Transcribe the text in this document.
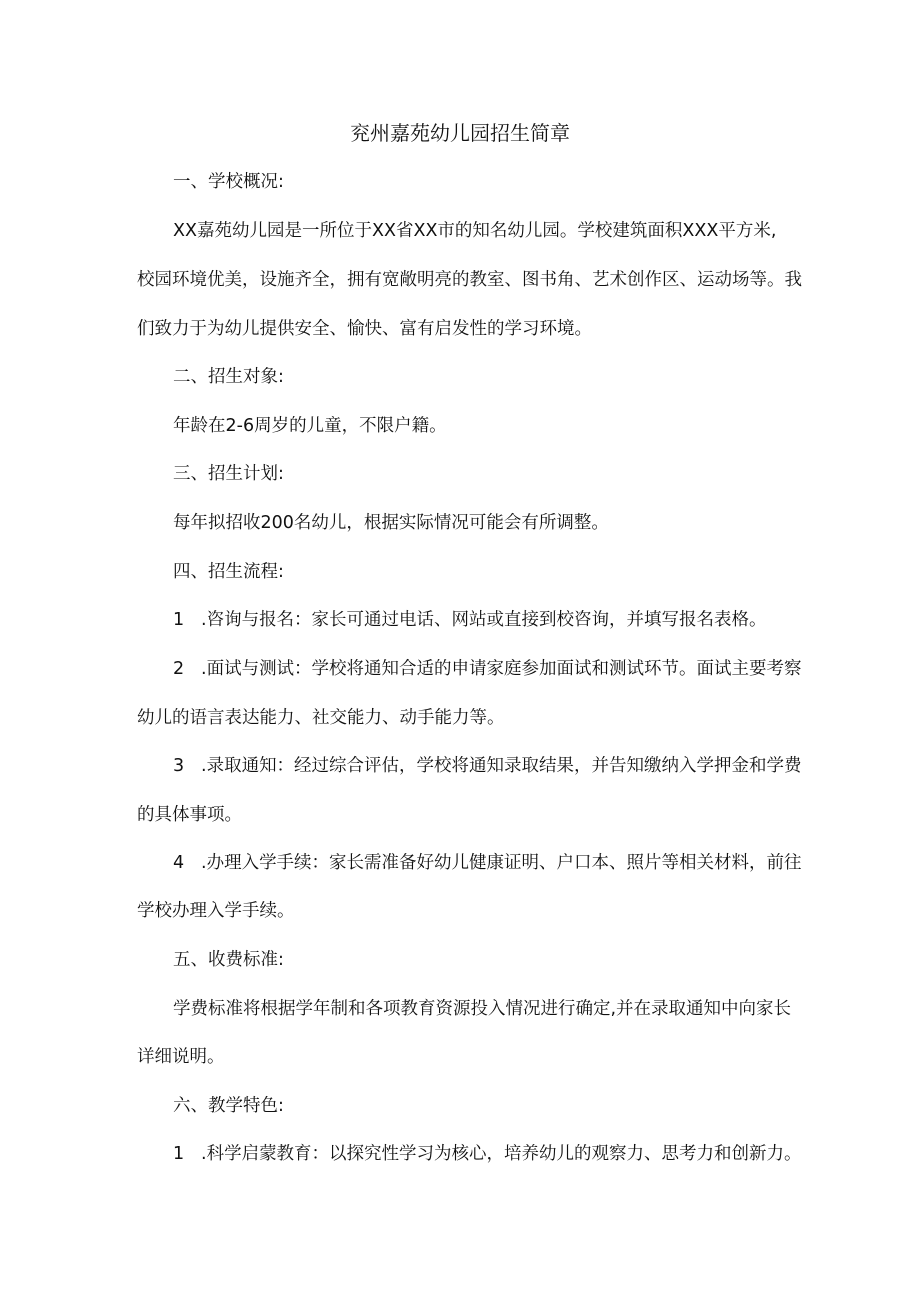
兖州嘉苑幼儿园招生简章
一、学校概况:
XX嘉苑幼儿园是一所位于XX省XX市的知名幼儿园。学校建筑面积XXX平方米,
校园环境优美，设施齐全，拥有宽敞明亮的教室、图书角、艺术创作区、运动场等。我
们致力于为幼儿提供安全、愉快、富有启发性的学习环境。
二、招生对象:
年龄在2-6周岁的儿童，不限户籍。
三、招生计划:
每年拟招收200名幼儿，根据实际情况可能会有所调整。
四、招生流程:
1 .咨询与报名：家长可通过电话、网站或直接到校咨询，并填写报名表格。
2 .面试与测试：学校将通知合适的申请家庭参加面试和测试环节。面试主要考察
幼儿的语言表达能力、社交能力、动手能力等。
3 .录取通知：经过综合评估，学校将通知录取结果，并告知缴纳入学押金和学费
的具体事项。
4 .办理入学手续：家长需准备好幼儿健康证明、户口本、照片等相关材料，前往
学校办理入学手续。
五、收费标准:
学费标准将根据学年制和各项教育资源投入情况进行确定,并在录取通知中向家长
详细说明。
六、教学特色:
1 .科学启蒙教育：以探究性学习为核心，培养幼儿的观察力、思考力和创新力。
